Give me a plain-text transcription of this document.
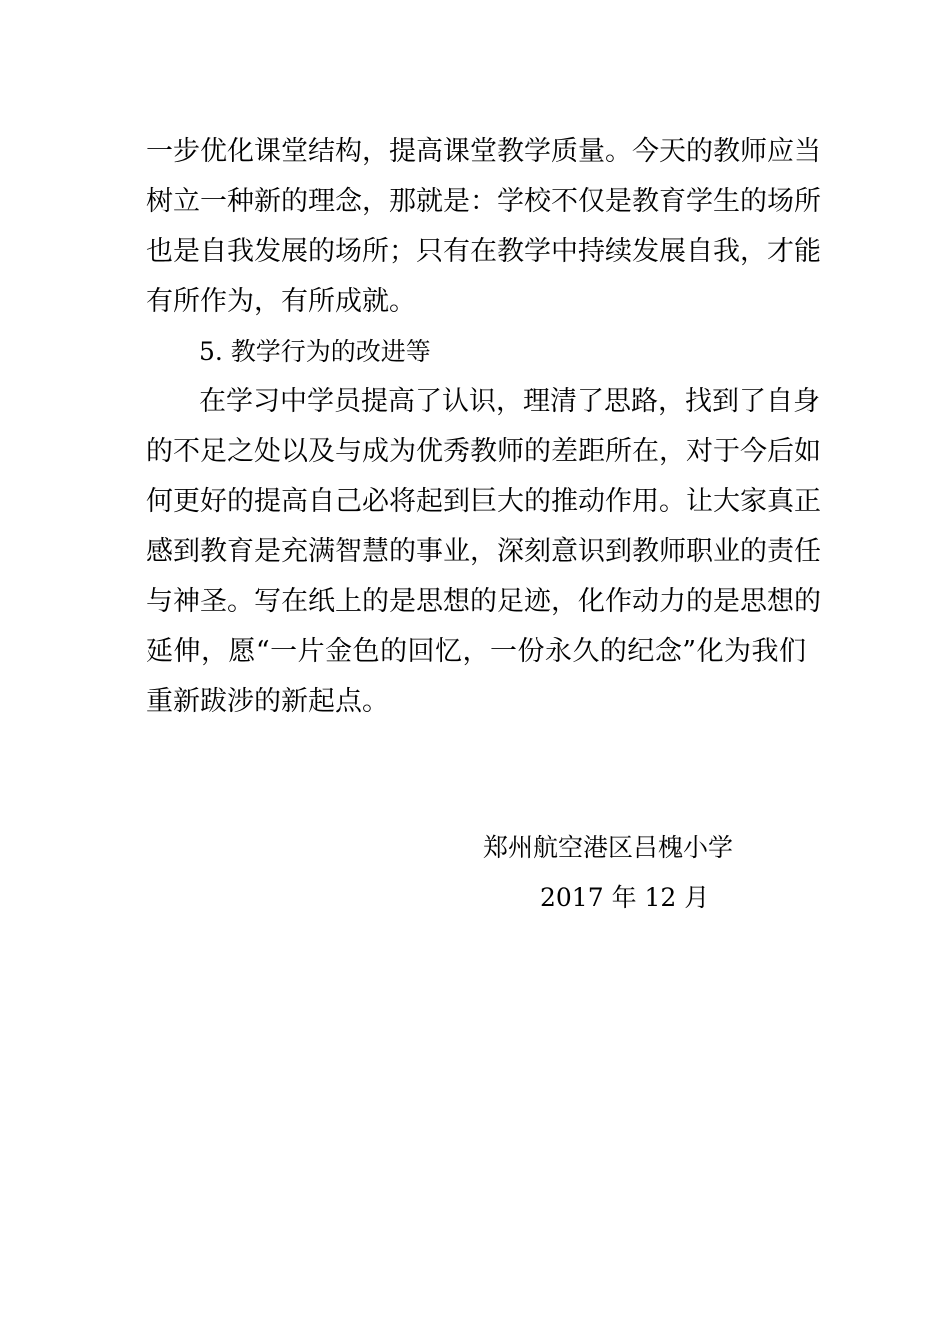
一步优化课堂结构，提高课堂教学质量。今天的教师应当
树立一种新的理念，那就是：学校不仅是教育学生的场所
也是自我发展的场所；只有在教学中持续发展自我，才能
有所作为，有所成就。
5. 教学行为的改进等
在学习中学员提高了认识，理清了思路，找到了自身
的不足之处以及与成为优秀教师的差距所在，对于今后如
何更好的提高自己必将起到巨大的推动作用。让大家真正
感到教育是充满智慧的事业，深刻意识到教师职业的责任
与神圣。写在纸上的是思想的足迹，化作动力的是思想的
延伸，愿“一片金色的回忆，一份永久的纪念”化为我们
重新跋涉的新起点。
郑州航空港区吕槐小学
2017 年 12 月
